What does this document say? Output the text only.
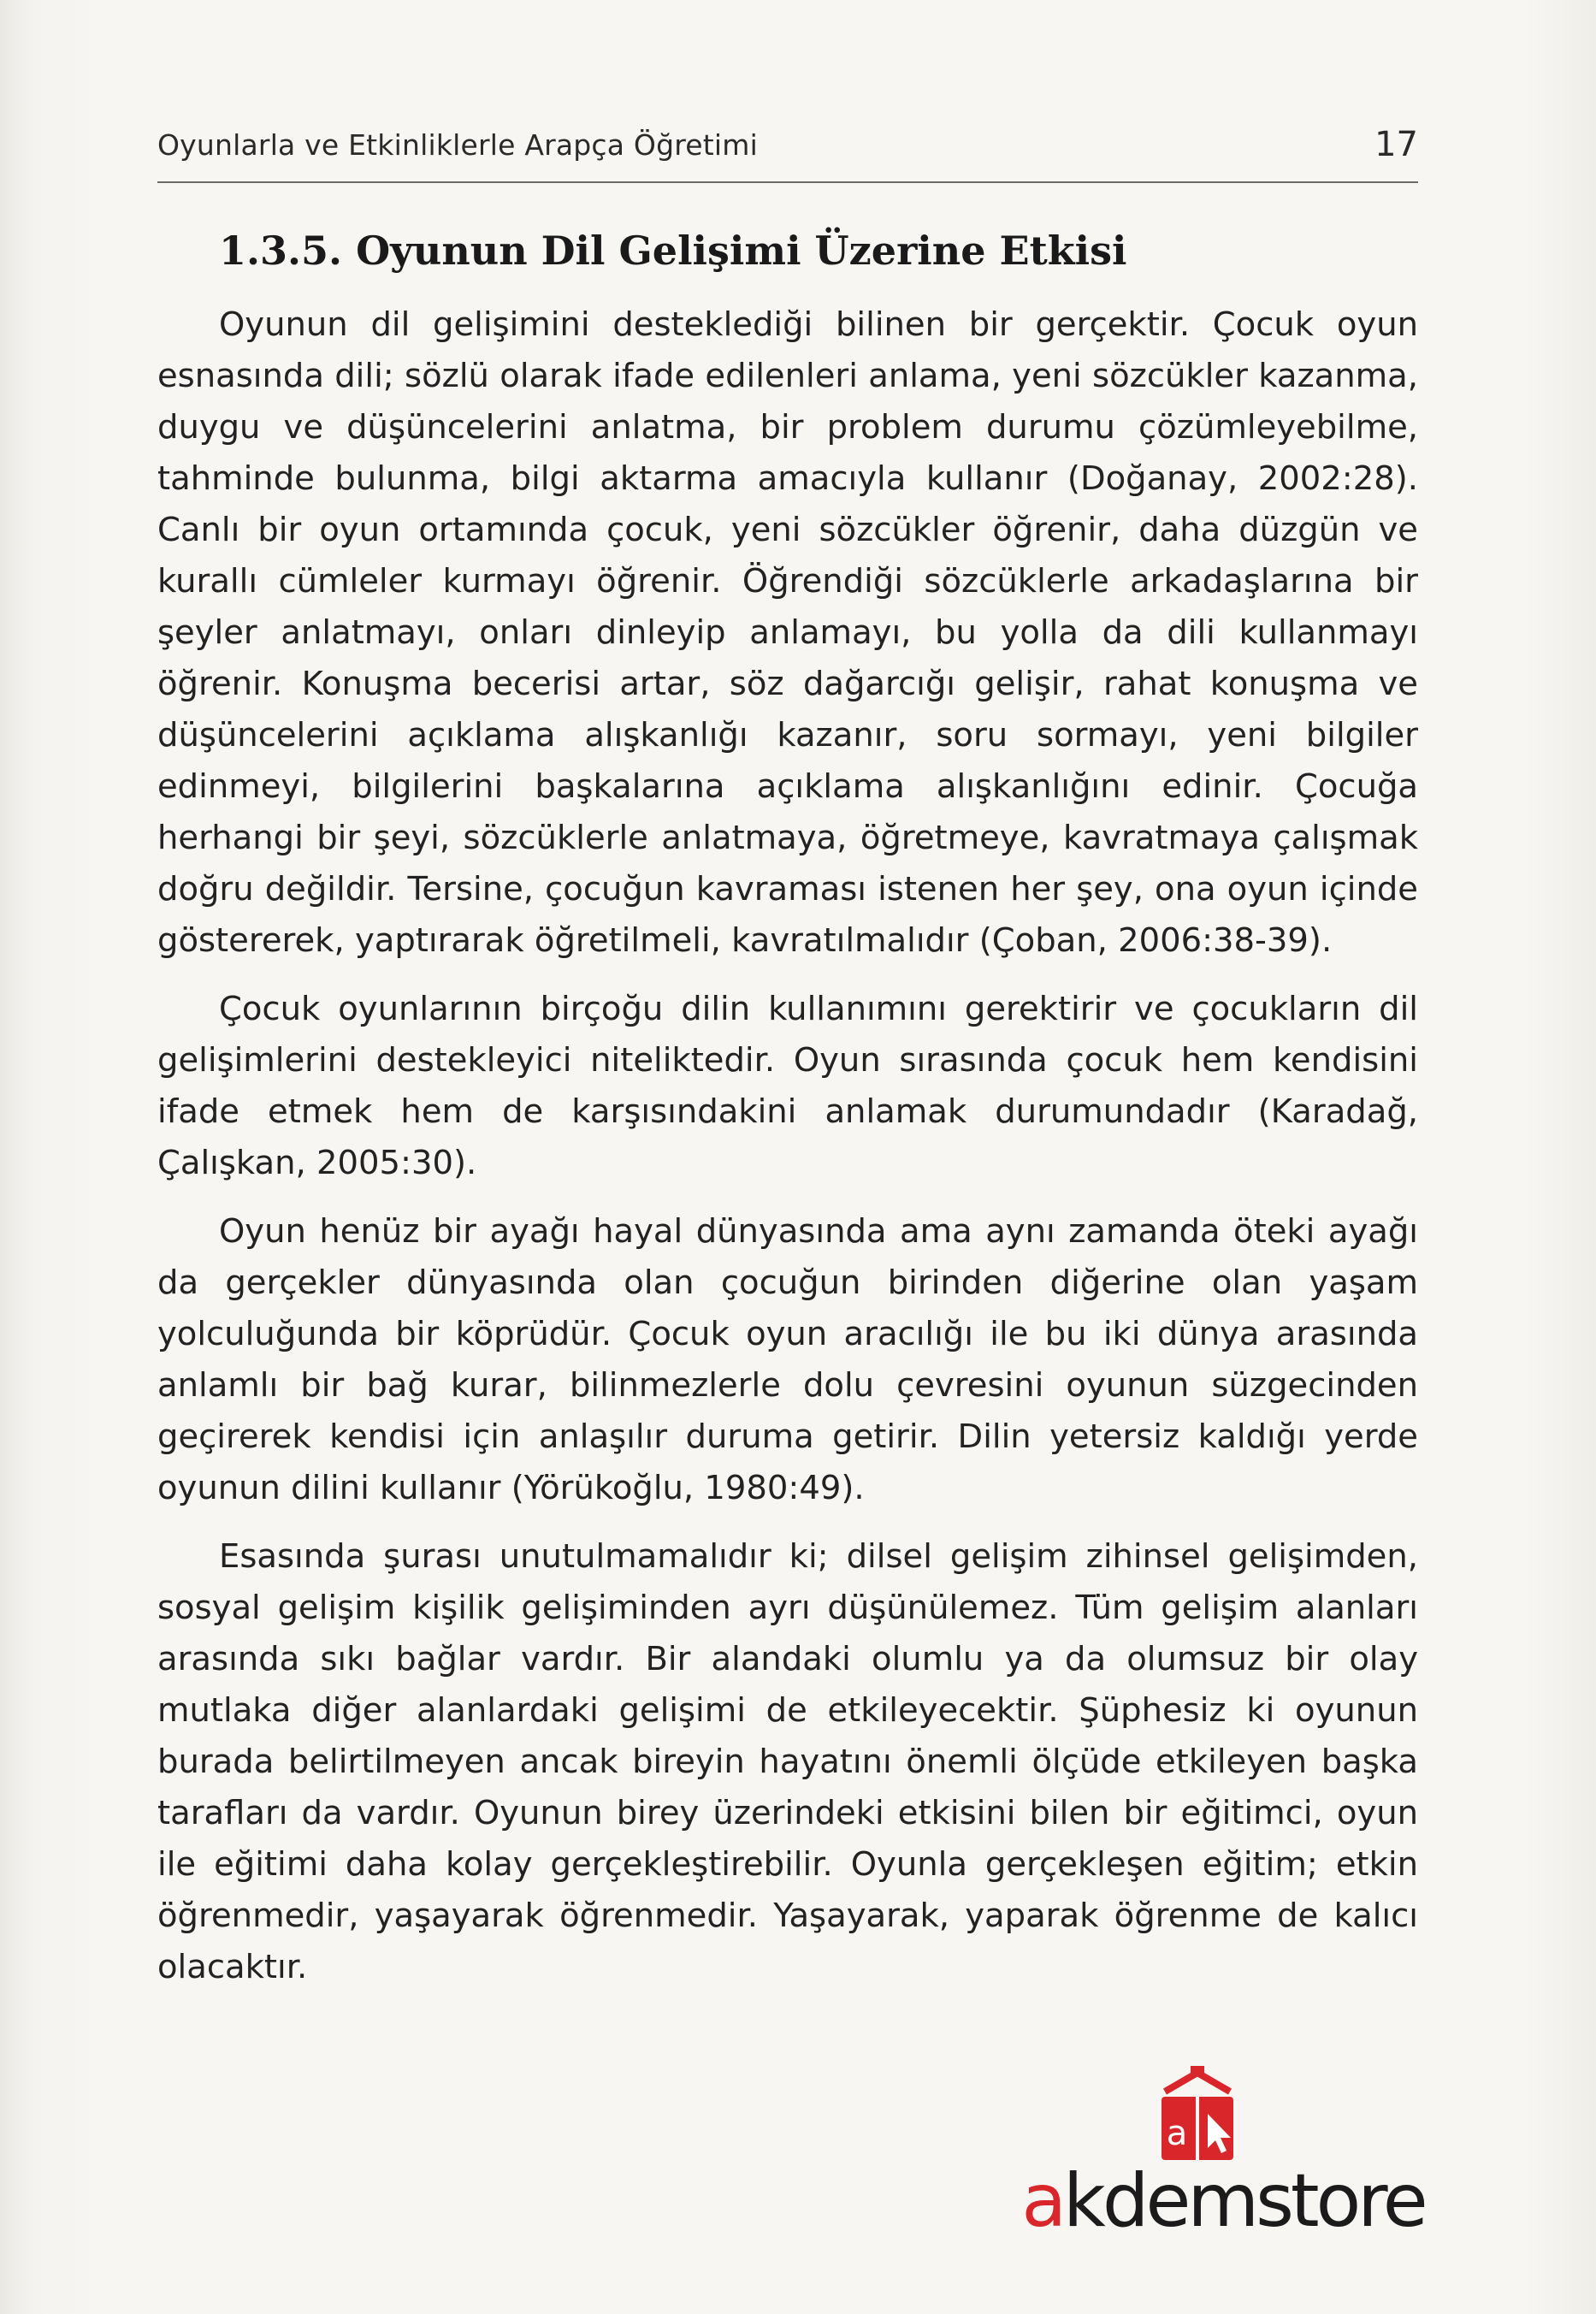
Oyunlarla ve Etkinliklerle Arapça Öğretimi	17
1.3.5. Oyunun Dil Gelişimi Üzerine Etkisi

Oyunun dil gelişimini desteklediği bilinen bir gerçektir. Çocuk oyun esnasında dili; sözlü olarak ifade edilenleri anlama, yeni sözcükler kazanma, duygu ve düşüncelerini anlatma, bir problem durumu çözümleyebilme, tahminde bulunma, bilgi aktarma amacıyla kullanır (Doğanay, 2002:28). Canlı bir oyun ortamında çocuk, yeni sözcükler öğrenir, daha düzgün ve kurallı cümleler kurmayı öğrenir. Öğrendiği sözcüklerle arkadaşlarına bir şeyler anlatmayı, onları dinleyip anlamayı, bu yolla da dili kullanmayı öğrenir. Konuşma becerisi artar, söz dağarcığı gelişir, rahat konuşma ve düşüncelerini açıklama alışkanlığı kazanır, soru sormayı, yeni bilgiler edinmeyi, bilgilerini başkalarına açıklama alışkanlığını edinir. Çocuğa herhangi bir şeyi, sözcüklerle anlatmaya, öğretmeye, kavratmaya çalışmak doğru değildir. Tersine, çocuğun kavraması istenen her şey, ona oyun içinde göstererek, yaptırarak öğretilmeli, kavratılmalıdır (Çoban, 2006:38-39).

Çocuk oyunlarının birçoğu dilin kullanımını gerektirir ve çocukların dil gelişimlerini destekleyici niteliktedir. Oyun sırasında çocuk hem kendisini ifade etmek hem de karşısındakini anlamak durumundadır (Karadağ, Çalışkan, 2005:30).

Oyun henüz bir ayağı hayal dünyasında ama aynı zamanda öteki ayağı da gerçekler dünyasında olan çocuğun birinden diğerine olan yaşam yolculuğunda bir köprüdür. Çocuk oyun aracılığı ile bu iki dünya arasında anlamlı bir bağ kurar, bilinmezlerle dolu çevresini oyunun süzgecinden geçirerek kendisi için anlaşılır duruma getirir. Dilin yetersiz kaldığı yerde oyunun dilini kullanır (Yörükoğlu, 1980:49).

Esasında şurası unutulmamalıdır ki; dilsel gelişim zihinsel gelişimden, sosyal gelişim kişilik gelişiminden ayrı düşünülemez. Tüm gelişim alanları arasında sıkı bağlar vardır. Bir alandaki olumlu ya da olumsuz bir olay mutlaka diğer alanlardaki gelişimi de etkileyecektir. Şüphesiz ki oyunun burada belirtilmeyen ancak bireyin hayatını önemli ölçüde etkileyen başka tarafları da vardır. Oyunun birey üzerindeki etkisini bilen bir eğitimci, oyun ile eğitimi daha kolay gerçekleştirebilir. Oyunla gerçekleşen eğitim; etkin öğrenmedir, yaşayarak öğrenmedir. Yaşayarak, yaparak öğrenme de kalıcı olacaktır.

a
akdemstore
